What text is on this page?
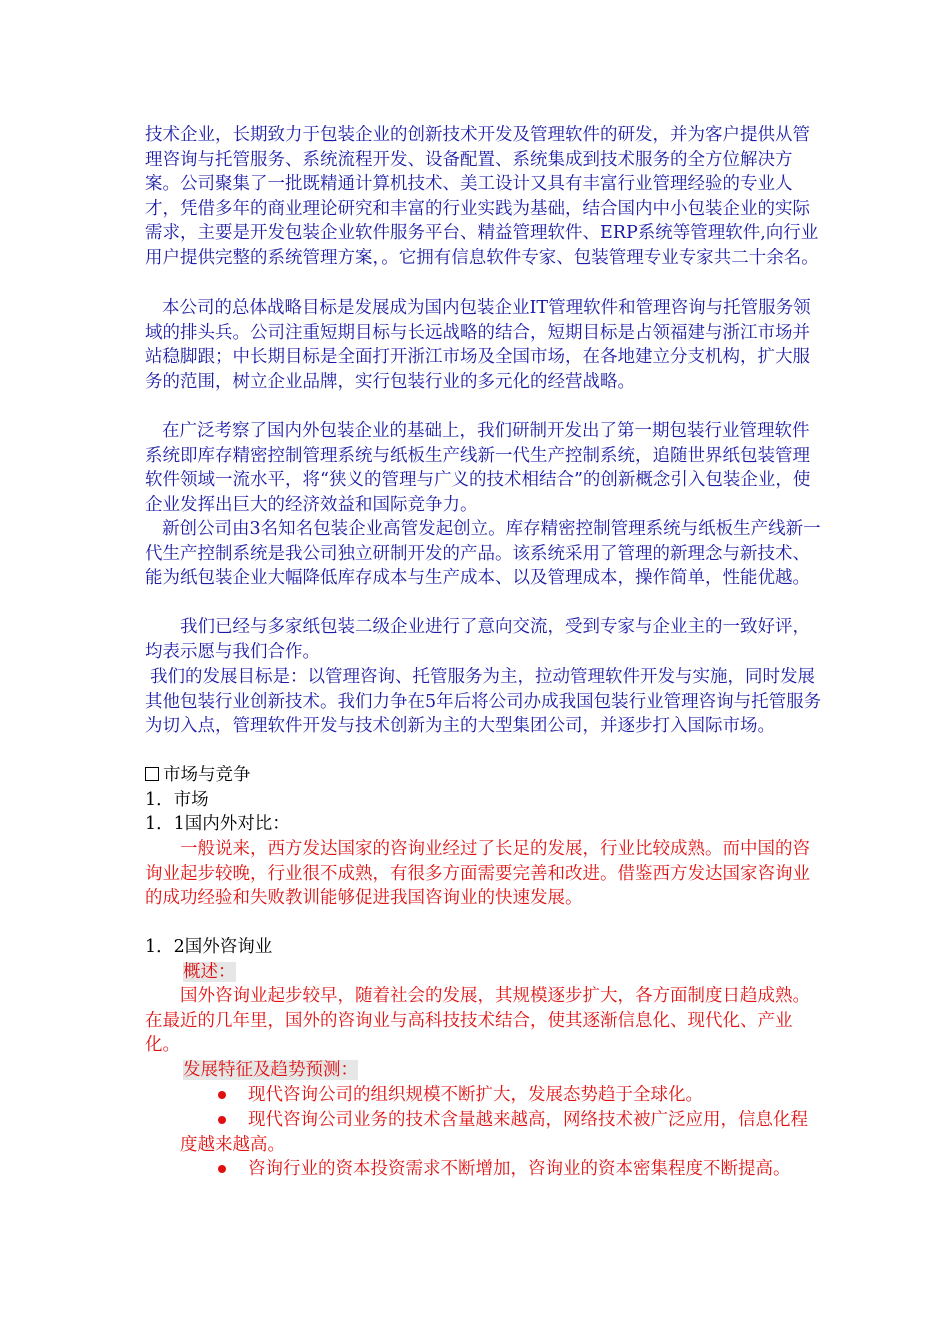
技术企业，长期致力于包装企业的创新技术开发及管理软件的研发，并为客户提供从管理咨询与托管服务、系统流程开发、设备配置、系统集成到技术服务的全方位解决方案。公司聚集了一批既精通计算机技术、美工设计又具有丰富行业管理经验的专业人才，凭借多年的商业理论研究和丰富的行业实践为基础，结合国内中小包装企业的实际需求，主要是开发包装企业软件服务平台、精益管理软件、ERP系统等管理软件,向行业用户提供完整的系统管理方案，。它拥有信息软件专家、包装管理专业专家共二十余名。

本公司的总体战略目标是发展成为国内包装企业IT管理软件和管理咨询与托管服务领域的排头兵。公司注重短期目标与长远战略的结合，短期目标是占领福建与浙江市场并站稳脚跟；中长期目标是全面打开浙江市场及全国市场，在各地建立分支机构，扩大服务的范围，树立企业品牌，实行包装行业的多元化的经营战略。

在广泛考察了国内外包装企业的基础上，我们研制开发出了第一期包装行业管理软件系统即库存精密控制管理系统与纸板生产线新一代生产控制系统，追随世界纸包装管理软件领域一流水平，将“狭义的管理与广义的技术相结合”的创新概念引入包装企业，使企业发挥出巨大的经济效益和国际竞争力。

新创公司由3名知名包装企业高管发起创立。库存精密控制管理系统与纸板生产线新一代生产控制系统是我公司独立研制开发的产品。该系统采用了管理的新理念与新技术、能为纸包装企业大幅降低库存成本与生产成本、以及管理成本，操作简单，性能优越。

我们已经与多家纸包装二级企业进行了意向交流，受到专家与企业主的一致好评，均表示愿与我们合作。

我们的发展目标是：以管理咨询、托管服务为主，拉动管理软件开发与实施，同时发展其他包装行业创新技术。我们力争在5年后将公司办成我国包装行业管理咨询与托管服务为切入点，管理软件开发与技术创新为主的大型集团公司，并逐步打入国际市场。

市场与竞争

1．市场

1．1国内外对比：

一般说来，西方发达国家的咨询业经过了长足的发展，行业比较成熟。而中国的咨询业起步较晚，行业很不成熟，有很多方面需要完善和改进。借鉴西方发达国家咨询业的成功经验和失败教训能够促进我国咨询业的快速发展。

1．2国外咨询业

概述：

国外咨询业起步较早，随着社会的发展，其规模逐步扩大，各方面制度日趋成熟。在最近的几年里，国外的咨询业与高科技技术结合，使其逐渐信息化、现代化、产业化。

发展特征及趋势预测：

现代咨询公司的组织规模不断扩大，发展态势趋于全球化。

现代咨询公司业务的技术含量越来越高，网络技术被广泛应用，信息化程度越来越高。

咨询行业的资本投资需求不断增加，咨询业的资本密集程度不断提高。
